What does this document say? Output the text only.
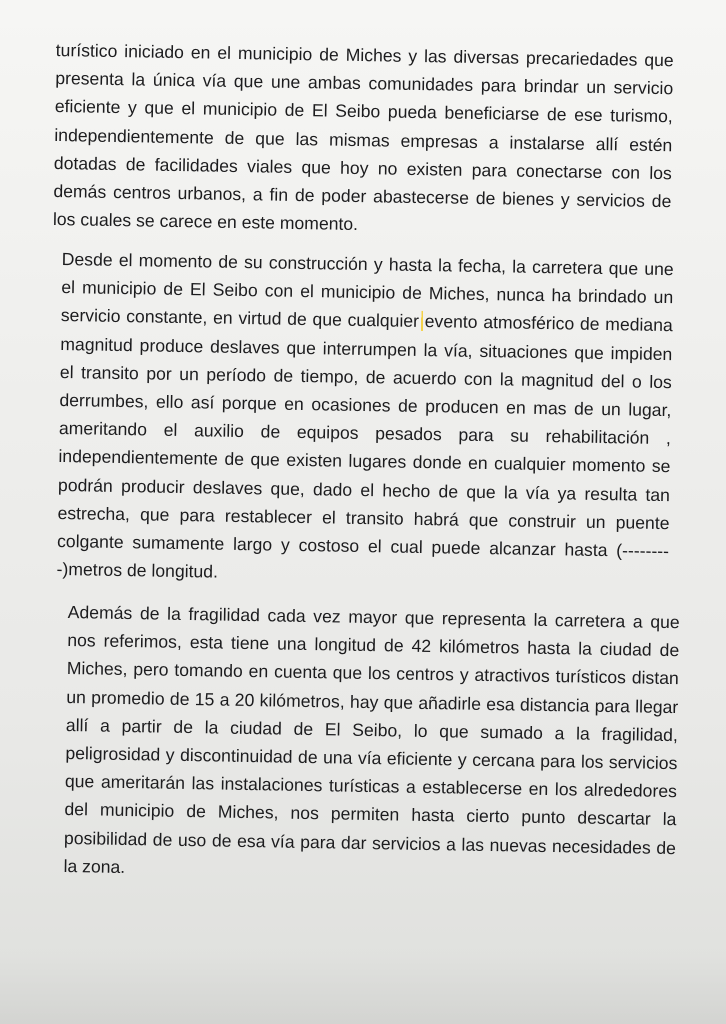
turístico iniciado en el municipio de Miches y las diversas precariedades que presenta la única vía que une ambas comunidades para brindar un servicio eficiente y que el municipio de El Seibo pueda beneficiarse de ese turismo, independientemente de que las mismas empresas a instalarse allí estén dotadas de facilidades viales que hoy no existen para conectarse con los demás centros urbanos, a fin de poder abastecerse de bienes y servicios de los cuales se carece en este momento.

Desde el momento de su construcción y hasta la fecha, la carretera que une el municipio de El Seibo con el municipio de Miches, nunca ha brindado un servicio constante, en virtud de que cualquier evento atmosférico de mediana magnitud produce deslaves que interrumpen la vía, situaciones que impiden el transito por un período de tiempo, de acuerdo con la magnitud del o los derrumbes, ello así porque en ocasiones de producen en mas de un lugar, ameritando el auxilio de equipos pesados para su rehabilitación , independientemente de que existen lugares donde en cualquier momento se podrán producir deslaves que, dado el hecho de que la vía ya resulta tan estrecha, que para restablecer el transito habrá que construir un puente colgante sumamente largo y costoso el cual puede alcanzar hasta (---------)metros de longitud.

Además de la fragilidad cada vez mayor que representa la carretera a que nos referimos, esta tiene una longitud de 42 kilómetros hasta la ciudad de Miches, pero tomando en cuenta que los centros y atractivos turísticos distan un promedio de 15 a 20 kilómetros, hay que añadirle esa distancia para llegar allí a partir de la ciudad de El Seibo, lo que sumado a la fragilidad, peligrosidad y discontinuidad de una vía eficiente y cercana para los servicios que ameritarán las instalaciones turísticas a establecerse en los alrededores del municipio de Miches, nos permiten hasta cierto punto descartar la posibilidad de uso de esa vía para dar servicios a las nuevas necesidades de la zona.
